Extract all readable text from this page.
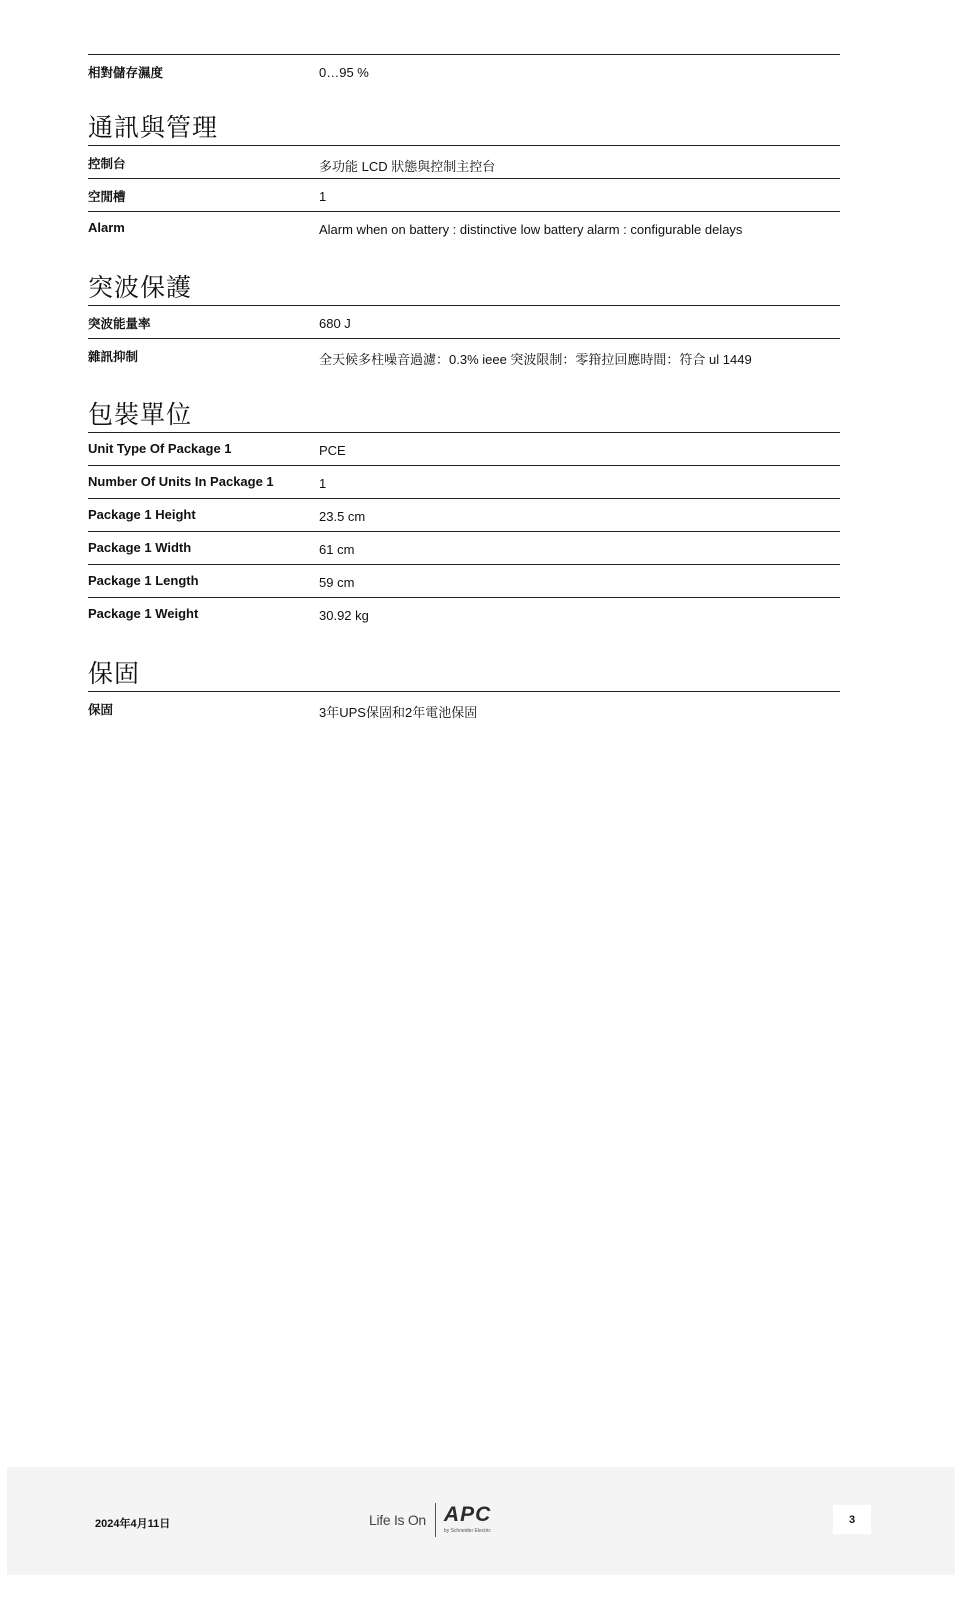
相對儲存濕度	0…95 %
通訊與管理
控制台	多功能 LCD 狀態與控制主控台
空閒槽	1
Alarm	Alarm when on battery : distinctive low battery alarm : configurable delays
突波保護
突波能量率	680 J
雜訊抑制	全天候多柱噪音過濾：0.3% ieee 突波限制：零箝拉回應時間：符合 ul 1449
包裝單位
Unit Type Of Package 1	PCE
Number Of Units In Package 1	1
Package 1 Height	23.5 cm
Package 1 Width	61 cm
Package 1 Length	59 cm
Package 1 Weight	30.92 kg
保固
保固	3年UPS保固和2年電池保固
2024年4月11日	Life Is On APC
by Schneider Electric
3
